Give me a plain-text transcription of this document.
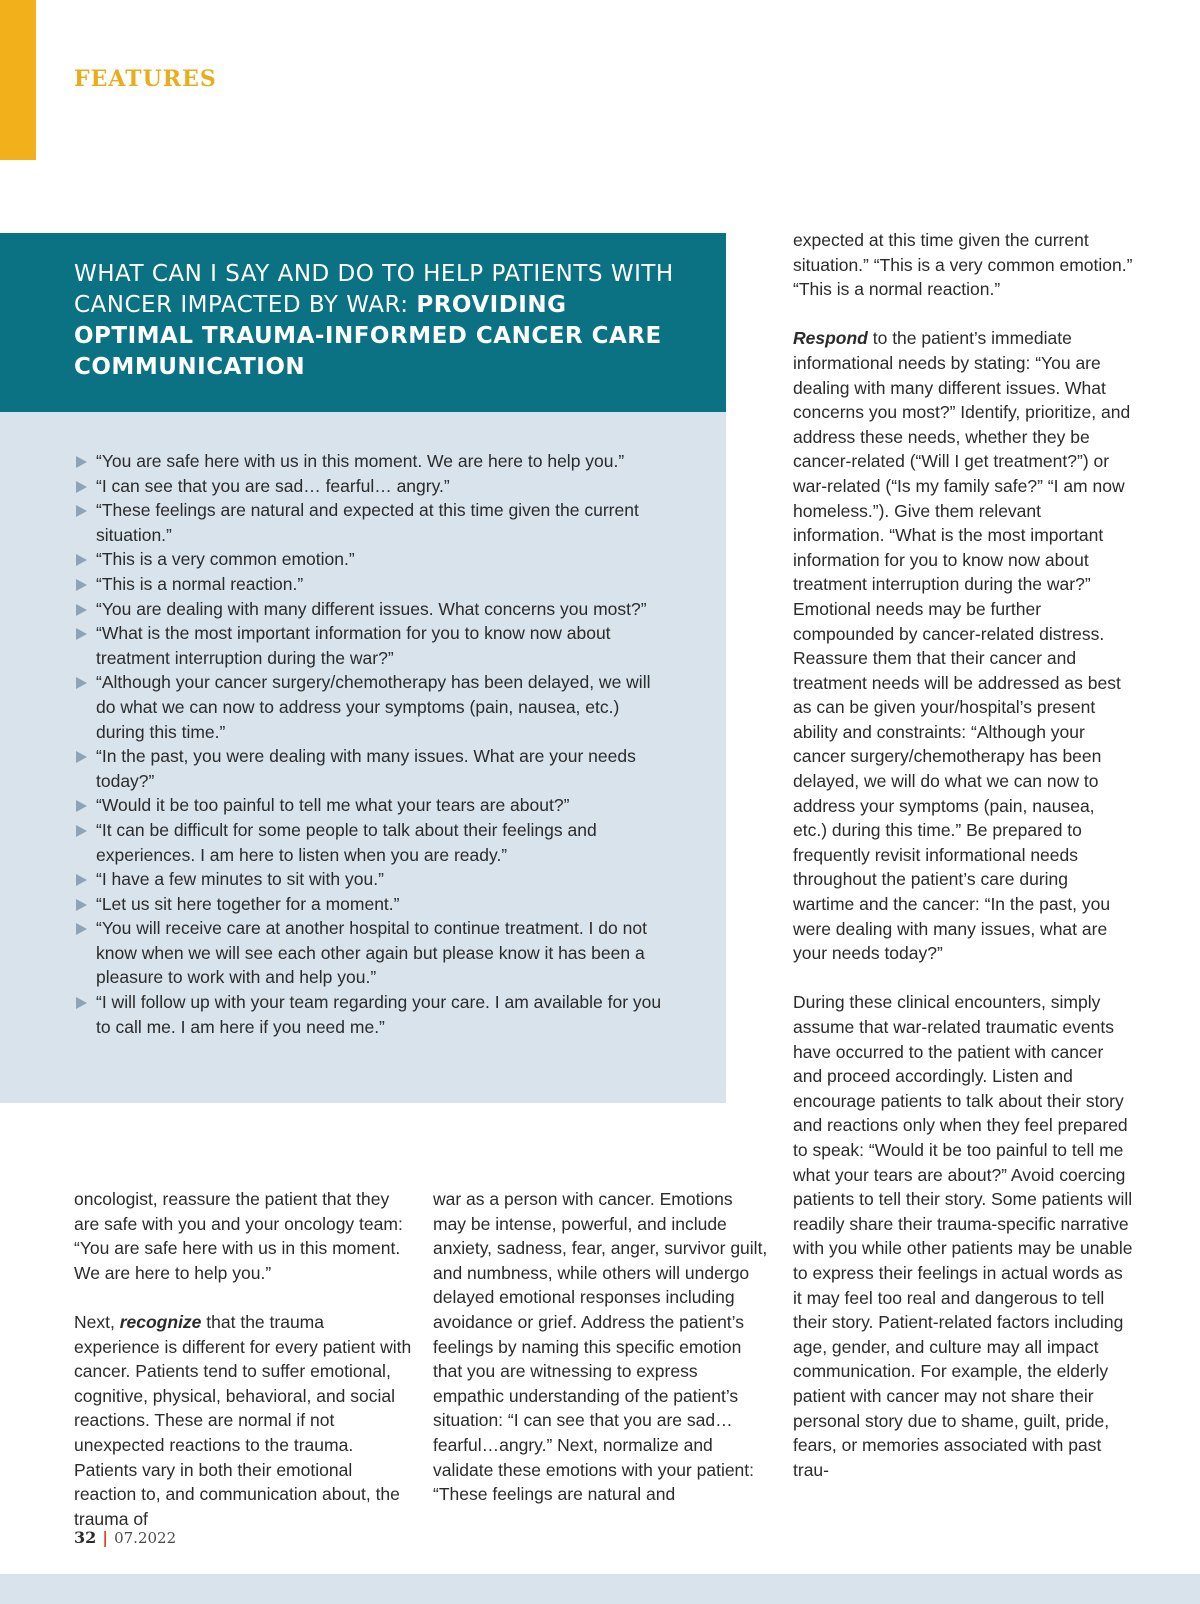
FEATURES
WHAT CAN I SAY AND DO TO HELP PATIENTS WITH CANCER IMPACTED BY WAR: PROVIDING OPTIMAL TRAUMA-INFORMED CANCER CARE COMMUNICATION
“You are safe here with us in this moment. We are here to help you.”
“I can see that you are sad… fearful… angry.”
“These feelings are natural and expected at this time given the current situation.”
“This is a very common emotion.”
“This is a normal reaction.”
“You are dealing with many different issues. What concerns you most?”
“What is the most important information for you to know now about treatment interruption during the war?”
“Although your cancer surgery/chemotherapy has been delayed, we will do what we can now to address your symptoms (pain, nausea, etc.) during this time.”
“In the past, you were dealing with many issues. What are your needs today?”
“Would it be too painful to tell me what your tears are about?”
“It can be difficult for some people to talk about their feelings and experiences. I am here to listen when you are ready.”
“I have a few minutes to sit with you.”
“Let us sit here together for a moment.”
“You will receive care at another hospital to continue treatment. I do not know when we will see each other again but please know it has been a pleasure to work with and help you.”
“I will follow up with your team regarding your care. I am available for you to call me. I am here if you need me.”

oncologist, reassure the patient that they are safe with you and your oncology team: “You are safe here with us in this moment. We are here to help you.”

Next, recognize that the trauma experience is different for every patient with cancer. Patients tend to suffer emotional, cognitive, physical, behavioral, and social reactions. These are normal if not unexpected reactions to the trauma. Patients vary in both their emotional reaction to, and communication about, the trauma of

war as a person with cancer. Emotions may be intense, powerful, and include anxiety, sadness, fear, anger, survivor guilt, and numbness, while others will undergo delayed emotional responses including avoidance or grief. Address the patient’s feelings by naming this specific emotion that you are witnessing to express empathic understanding of the patient’s situation: “I can see that you are sad…fearful…angry.” Next, normalize and validate these emotions with your patient: “These feelings are natural and

expected at this time given the current situation.” “This is a very common emotion.” “This is a normal reaction.”

Respond to the patient’s immediate informational needs by stating: “You are dealing with many different issues. What concerns you most?” Identify, prioritize, and address these needs, whether they be cancer-related (“Will I get treatment?”) or war-related (“Is my family safe?” “I am now homeless.”). Give them relevant information. “What is the most important information for you to know now about treatment interruption during the war?” Emotional needs may be further compounded by cancer-related distress. Reassure them that their cancer and treatment needs will be addressed as best as can be given your/hospital’s present ability and constraints: “Although your cancer surgery/chemotherapy has been delayed, we will do what we can now to address your symptoms (pain, nausea, etc.) during this time.” Be prepared to frequently revisit informational needs throughout the patient’s care during wartime and the cancer: “In the past, you were dealing with many issues, what are your needs today?”

During these clinical encounters, simply assume that war-related traumatic events have occurred to the patient with cancer and proceed accordingly. Listen and encourage patients to talk about their story and reactions only when they feel prepared to speak: “Would it be too painful to tell me what your tears are about?” Avoid coercing patients to tell their story. Some patients will readily share their trauma-specific narrative with you while other patients may be unable to express their feelings in actual words as it may feel too real and dangerous to tell their story. Patient-related factors including age, gender, and culture may all impact communication. For example, the elderly patient with cancer may not share their personal story due to shame, guilt, pride, fears, or memories associated with past trau-

32 | 07.2022
